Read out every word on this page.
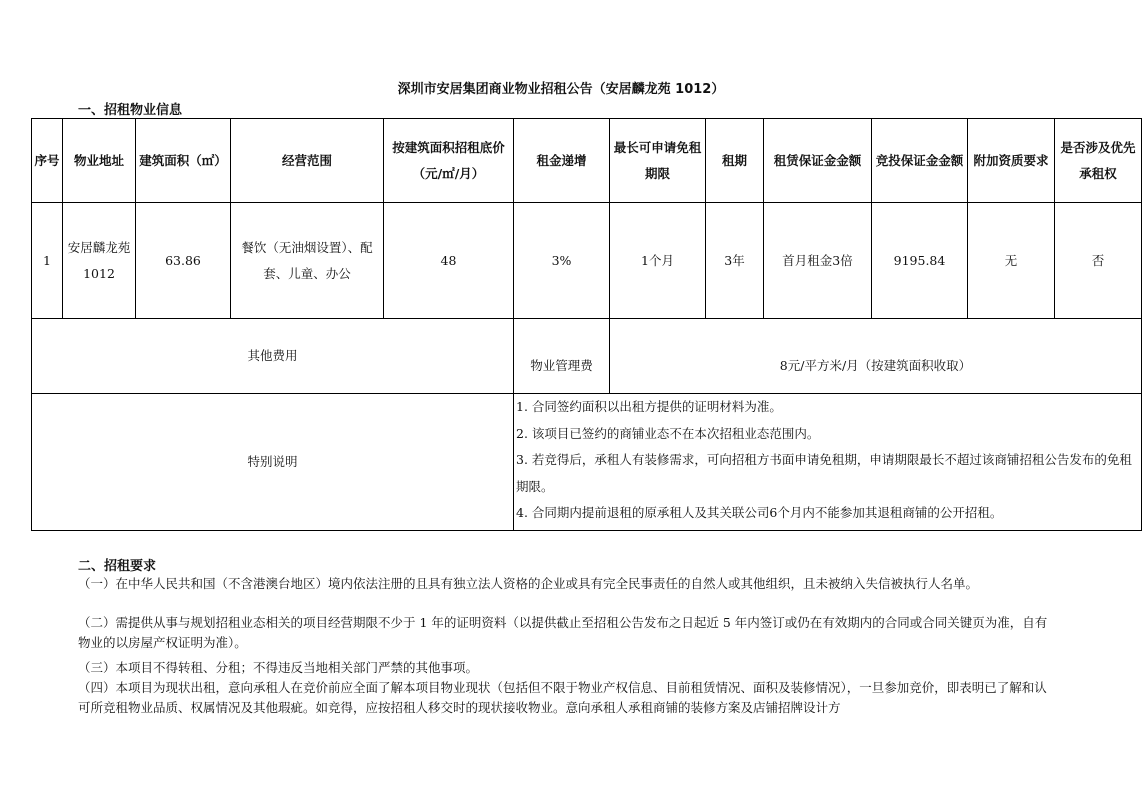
深圳市安居集团商业物业招租公告（安居麟龙苑 1012）
一、招租物业信息
序号	物业地址	建筑面积（㎡）	经营范围	按建筑面积招租底价（元/㎡/月）	租金递增	最长可申请免租期限	租期	租赁保证金金额	竞投保证金金额	附加资质要求	是否涉及优先承租权
1	安居麟龙苑1012	63.86	餐饮（无油烟设置）、配套、儿童、办公	48	3%	1个月	3年	首月租金3倍	9195.84	无	否
其他费用					物业管理费	8元/平方米/月（按建筑面积收取）					
特别说明					1. 合同签约面积以出租方提供的证明材料为准。
2. 该项目已签约的商铺业态不在本次招租业态范围内。
3. 若竞得后，承租人有装修需求，可向招租方书面申请免租期，申请期限最长不超过该商铺招租公告发布的免租期限。
4. 合同期内提前退租的原承租人及其关联公司6个月内不能参加其退租商铺的公开招租。						
二、招租要求
（一）在中华人民共和国（不含港澳台地区）境内依法注册的且具有独立法人资格的企业或具有完全民事责任的自然人或其他组织，且未被纳入失信被执行人名单。
（二）需提供从事与规划招租业态相关的项目经营期限不少于 1 年的证明资料（以提供截止至招租公告发布之日起近 5 年内签订或仍在有效期内的合同或合同关键页为准，自有物业的以房屋产权证明为准）。
（三）本项目不得转租、分租；不得违反当地相关部门严禁的其他事项。
（四）本项目为现状出租，意向承租人在竞价前应全面了解本项目物业现状（包括但不限于物业产权信息、目前租赁情况、面积及装修情况），一旦参加竞价，即表明已了解和认可所竞租物业品质、权属情况及其他瑕疵。如竞得，应按招租人移交时的现状接收物业。意向承租人承租商铺的装修方案及店铺招牌设计方
